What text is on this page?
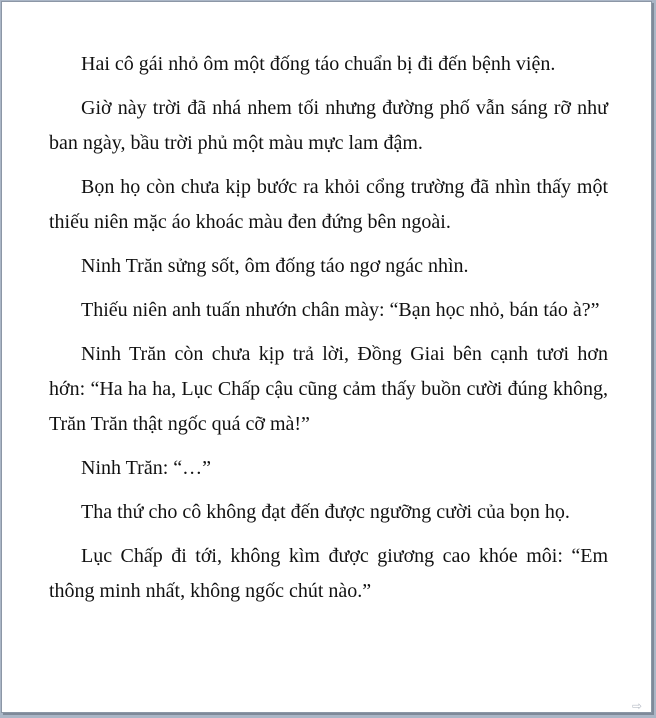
Hai cô gái nhỏ ôm một đống táo chuẩn bị đi đến bệnh viện.

Giờ này trời đã nhá nhem tối nhưng đường phố vẫn sáng rỡ như ban ngày, bầu trời phủ một màu mực lam đậm.

Bọn họ còn chưa kịp bước ra khỏi cổng trường đã nhìn thấy một thiếu niên mặc áo khoác màu đen đứng bên ngoài.

Ninh Trăn sửng sốt, ôm đống táo ngơ ngác nhìn.

Thiếu niên anh tuấn nhướn chân mày: “Bạn học nhỏ, bán táo à?”

Ninh Trăn còn chưa kịp trả lời, Đồng Giai bên cạnh tươi hơn hớn: “Ha ha ha, Lục Chấp cậu cũng cảm thấy buồn cười đúng không, Trăn Trăn thật ngốc quá cỡ mà!”

Ninh Trăn: “…”

Tha thứ cho cô không đạt đến được ngưỡng cười của bọn họ.

Lục Chấp đi tới, không kìm được giương cao khóe môi: “Em thông minh nhất, không ngốc chút nào.”

⇨
